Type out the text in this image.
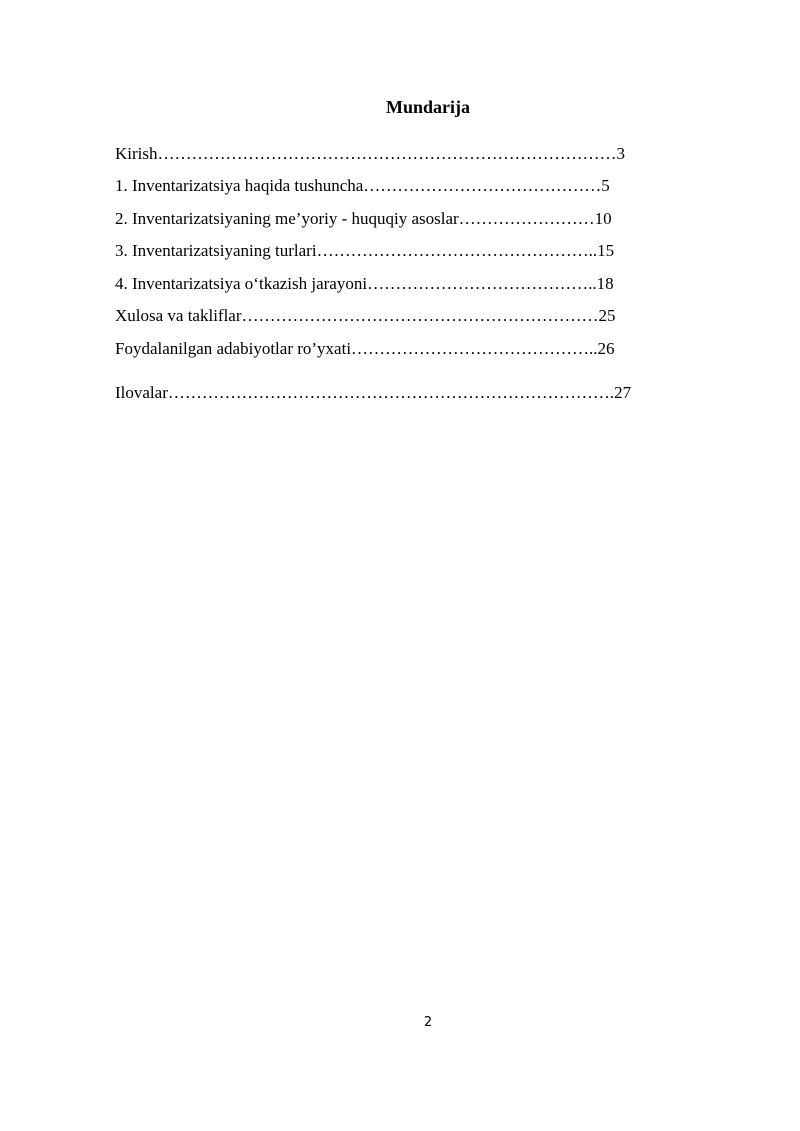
Mundarija
Kirish………………………………………………………………………3
1. Inventarizatsiya haqida tushuncha……………………………………5
2. Inventarizatsiyaning me’yoriy - huquqiy asoslar……………………10
3. Inventarizatsiyaning turlari…………………………………………..15
4. Inventarizatsiya o‘tkazish jarayoni…………………………………..18
Xulosa va takliflar………………………………………………………25
Foydalanilgan adabiyotlar ro’yxati……………………………………..26
Ilovalar…………………………………………………………………….27
2
